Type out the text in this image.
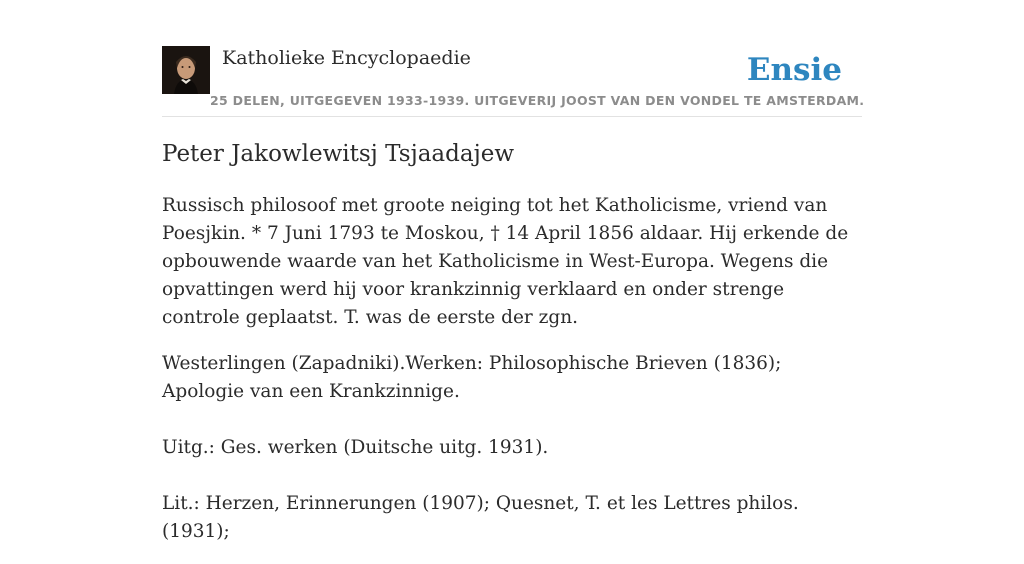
Katholieke Encyclopaedie
25 DELEN, UITGEGEVEN 1933-1939. UITGEVERIJ JOOST VAN DEN VONDEL TE AMSTERDAM.
Ensie
Peter Jakowlewitsj Tsjaadajew

Russisch philosoof met groote neiging tot het Katholicisme, vriend van Poesjkin. * 7 Juni 1793 te Moskou, † 14 April 1856 aldaar. Hij erkende de opbouwende waarde van het Katholicisme in West-Europa. Wegens die opvattingen werd hij voor krankzinnig verklaard en onder strenge controle geplaatst. T. was de eerste der zgn.

Westerlingen (Zapadniki).Werken: Philosophische Brieven (1836); Apologie van een Krankzinnige.

Uitg.: Ges. werken (Duitsche uitg. 1931).

Lit.: Herzen, Erinnerungen (1907); Quesnet, T. et les Lettres philos. (1931);
